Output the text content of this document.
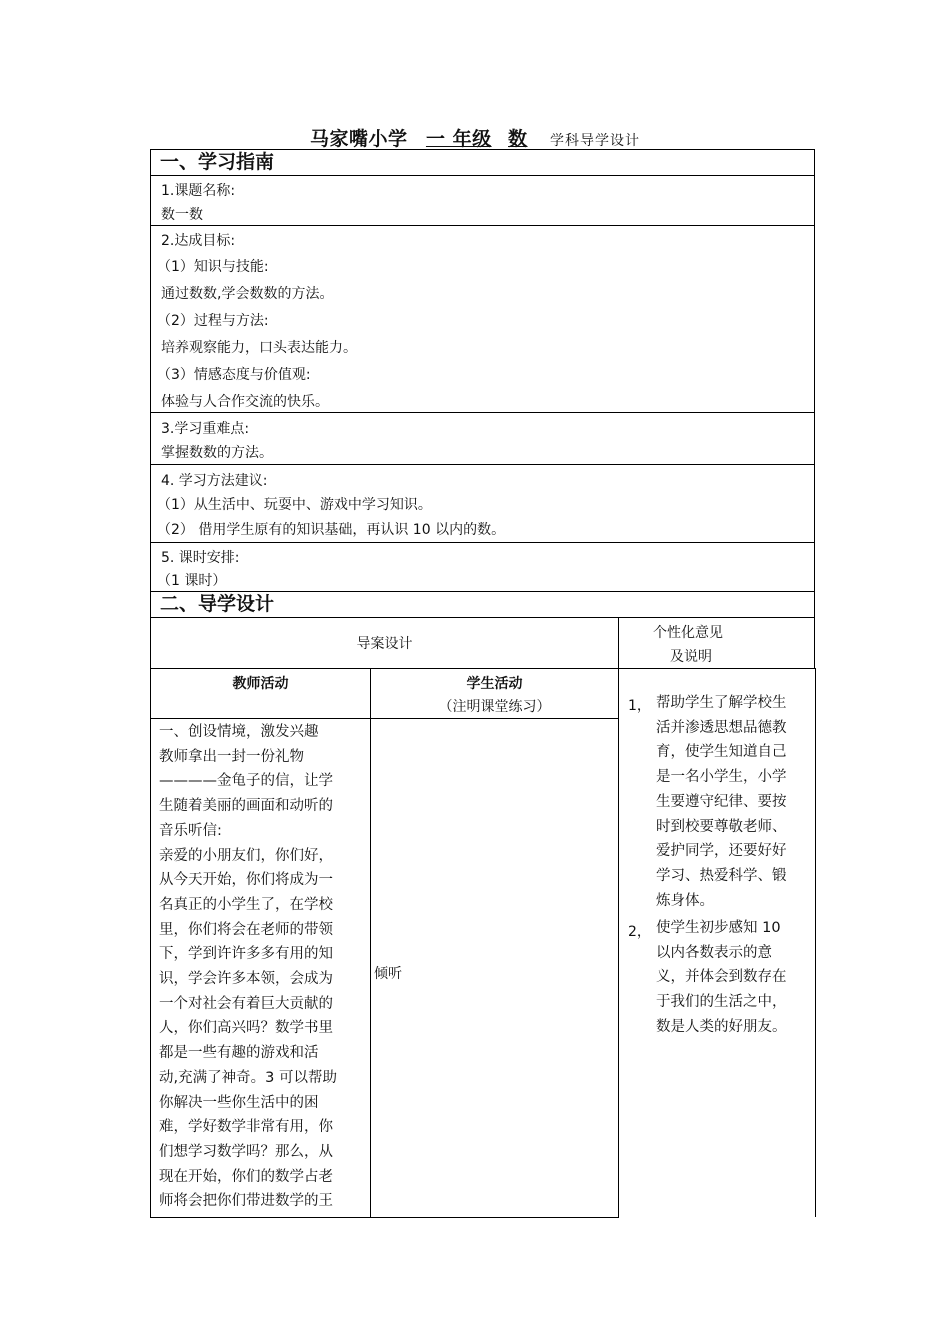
马家嘴小学 一 年级 数 学科导学设计
一、学习指南
1.课题名称:
数一数
2.达成目标:
（1）知识与技能:
通过数数,学会数数的方法。
（2）过程与方法:
培养观察能力，口头表达能力。
（3）情感态度与价值观:
体验与人合作交流的快乐。
3.学习重难点:
掌握数数的方法。
4. 学习方法建议:
（1）从生活中、玩耍中、游戏中学习知识。
（2） 借用学生原有的知识基础，再认识 10 以内的数。
5. 课时安排:
（1 课时）
二、导学设计
导案设计
个性化意见
及说明
教师活动	学生活动
（注明课堂练习）	1， 帮助学生了解学校生
活并渗透思想品德教
育，使学生知道自己
是一名小学生，小学
生要遵守纪律、要按
时到校要尊敬老师、
爱护同学，还要好好
学习、热爱科学、锻
炼身体。
2， 使学生初步感知 10
以内各数表示的意
义，并体会到数存在
于我们的生活之中，
数是人类的好朋友。
一、创设情境，激发兴趣
教师拿出一封一份礼物
————金龟子的信，让学
生随着美丽的画面和动听的
音乐听信:
亲爱的小朋友们，你们好，
从今天开始，你们将成为一
名真正的小学生了，在学校
里，你们将会在老师的带领
下，学到许许多多有用的知
识，学会许多本领，会成为
一个对社会有着巨大贡献的
人，你们高兴吗？数学书里
都是一些有趣的游戏和活
动,充满了神奇。3 可以帮助
你解决一些你生活中的困
难，学好数学非常有用，你
们想学习数学吗？那么，从
现在开始，你们的数学占老
师将会把你们带进数学的王
倾听
